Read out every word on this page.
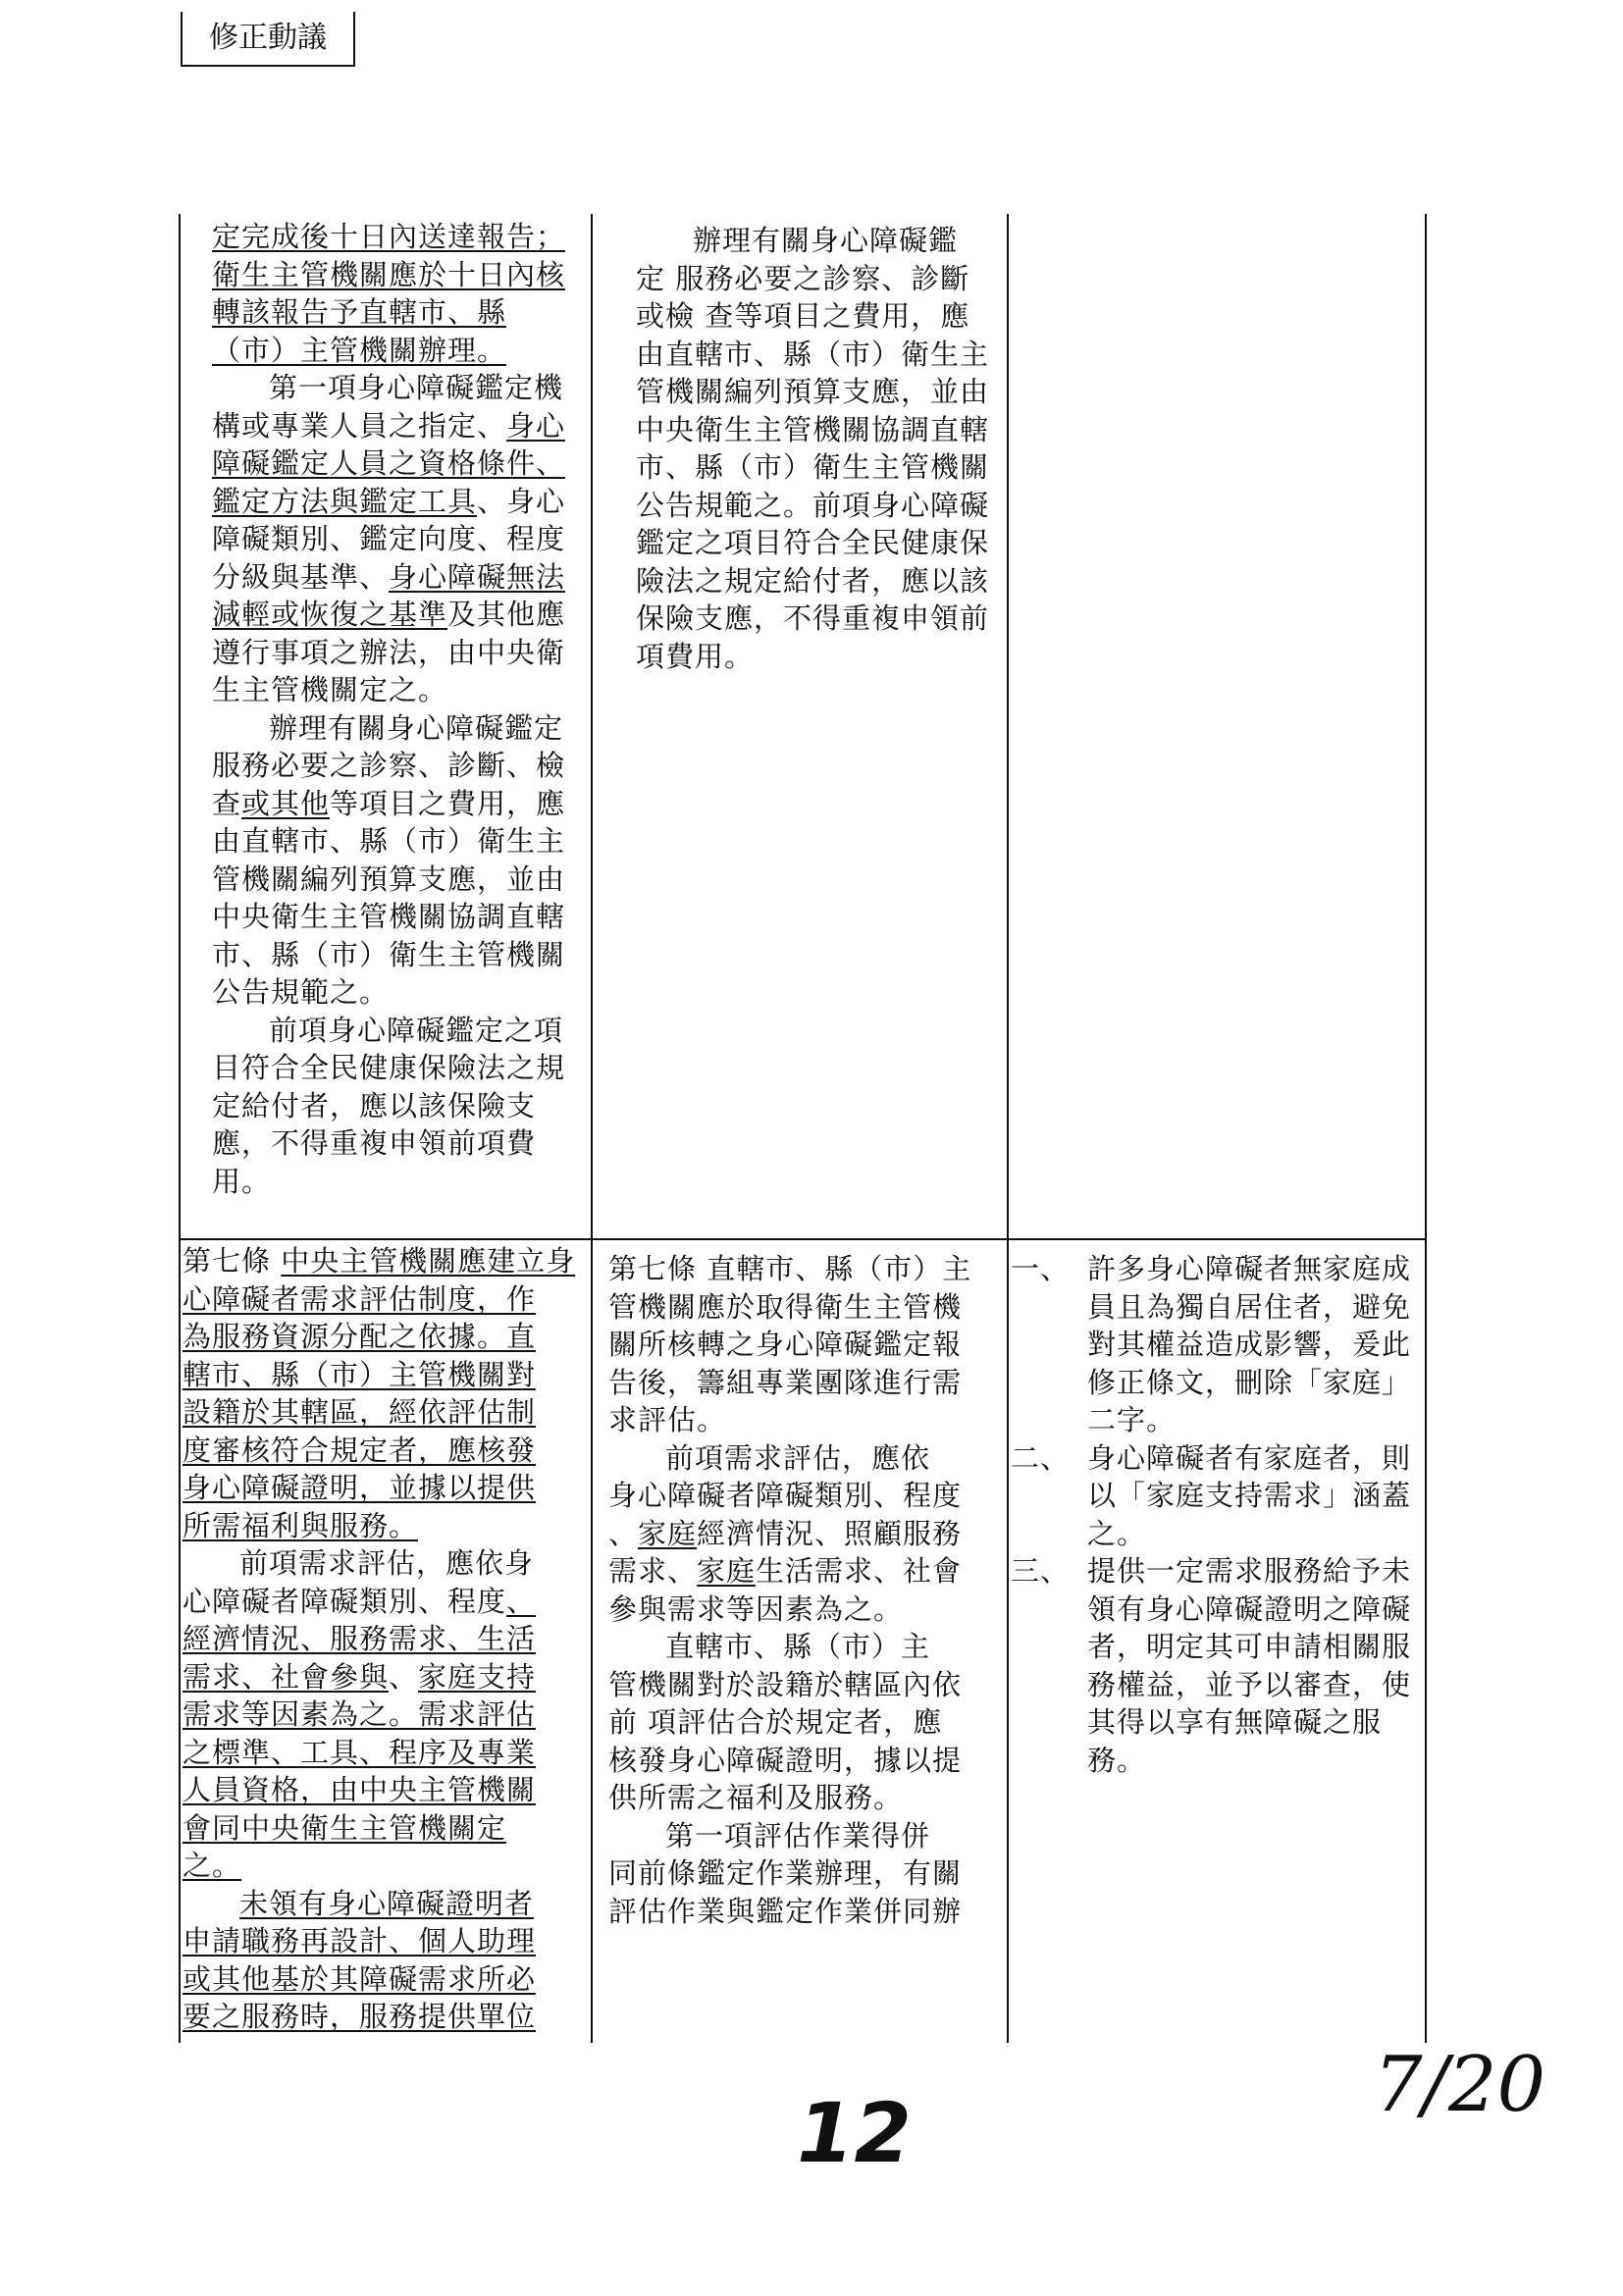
修正動議

定完成後十日內送達報告；

衛生主管機關應於十日內核

轉該報告予直轄市、縣

（市）主管機關辦理。

第一項身心障礙鑑定機

構或專業人員之指定、身心

障礙鑑定人員之資格條件、

鑑定方法與鑑定工具、身心

障礙類別、鑑定向度、程度

分級與基準、身心障礙無法

減輕或恢復之基準及其他應

遵行事項之辦法，由中央衛

生主管機關定之。

辦理有關身心障礙鑑定

服務必要之診察、診斷、檢

查或其他等項目之費用，應

由直轄市、縣（市）衛生主

管機關編列預算支應，並由

中央衛生主管機關協調直轄

市、縣（市）衛生主管機關

公告規範之。

前項身心障礙鑑定之項

目符合全民健康保險法之規

定給付者，應以該保險支

應，不得重複申領前項費

用。

辦理有關身心障礙鑑

定 服務必要之診察、診斷

或檢 查等項目之費用，應

由直轄市、縣（市）衛生主

管機關編列預算支應，並由

中央衛生主管機關協調直轄

市、縣（市）衛生主管機關

公告規範之。前項身心障礙

鑑定之項目符合全民健康保

險法之規定給付者，應以該

保險支應，不得重複申領前

項費用。

第七條 中央主管機關應建立身

心障礙者需求評估制度，作

為服務資源分配之依據。直

轄市、縣（市）主管機關對

設籍於其轄區，經依評估制

度審核符合規定者，應核發

身心障礙證明，並據以提供

所需福利與服務。

前項需求評估，應依身

心障礙者障礙類別、程度、

經濟情況、服務需求、生活

需求、社會參與、家庭支持

需求等因素為之。需求評估

之標準、工具、程序及專業

人員資格，由中央主管機關

會同中央衛生主管機關定

之。

未領有身心障礙證明者

申請職務再設計、個人助理

或其他基於其障礙需求所必

要之服務時，服務提供單位

第七條 直轄市、縣（市）主

管機關應於取得衛生主管機

關所核轉之身心障礙鑑定報

告後，籌組專業團隊進行需

求評估。

前項需求評估，應依

身心障礙者障礙類別、程度

、家庭經濟情況、照顧服務

需求、家庭生活需求、社會

參與需求等因素為之。

直轄市、縣（市）主

管機關對於設籍於轄區內依

前 項評估合於規定者，應

核發身心障礙證明，據以提

供所需之福利及服務。

第一項評估作業得併

同前條鑑定作業辦理，有關

評估作業與鑑定作業併同辦

一、 許多身心障礙者無家庭成員且為獨自居住者，避免對其權益造成影響，爰此修正條文，刪除「家庭」二字。
二、 身心障礙者有家庭者，則以「家庭支持需求」涵蓋之。
三、 提供一定需求服務給予未領有身心障礙證明之障礙者，明定其可申請相關服務權益，並予以審查，使其得以享有無障礙之服務。
12	7/20
